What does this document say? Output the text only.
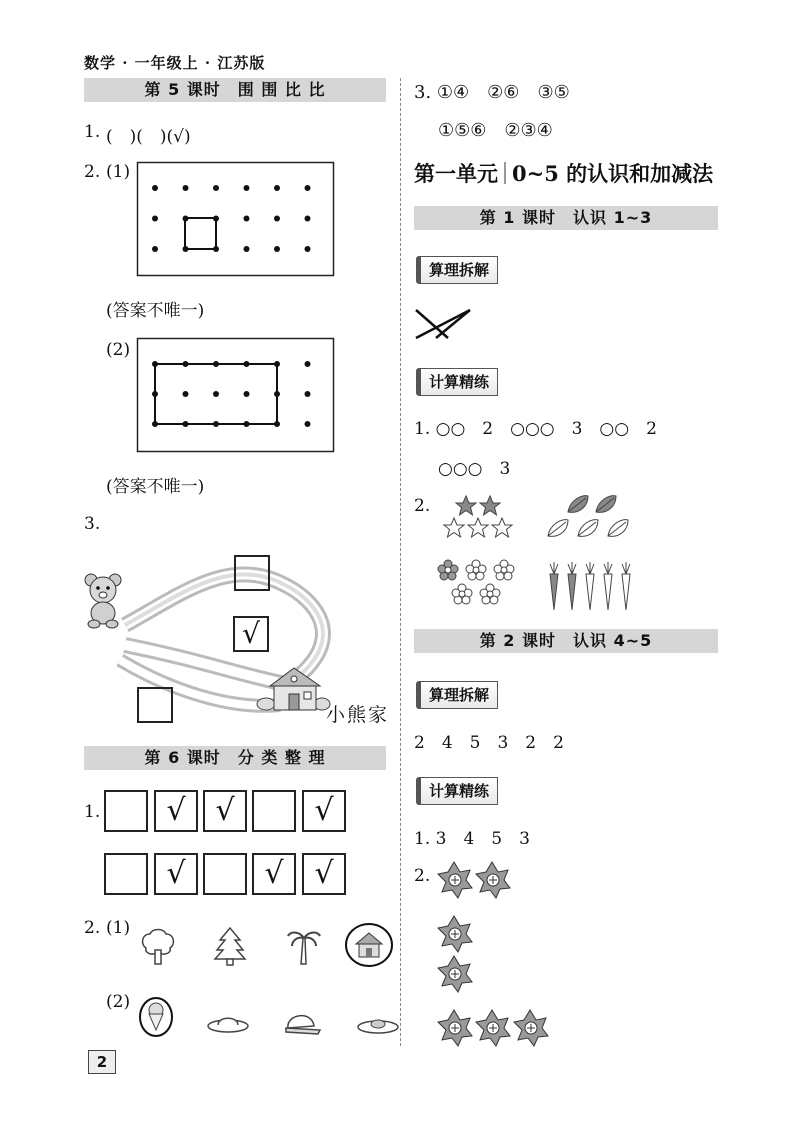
数学 · 一年级上 · 江苏版
第 5 课时　围 围 比 比
1. (　)(　)(√)
2. (1)
(答案不唯一)
(2)
(答案不唯一)
3.
√
小熊家
第 6 课时　分 类 整 理
1.	√ √	√
√	√	√
2. (1)
(2)
2
3. ①④　②⑥　③⑤
①⑤⑥　②③④
第一单元 0~5 的认识和加减法
第 1 课时　认识 1~3
算理拆解
计算精练
1. ○○　2　○○○　3　○○　2
○○○　3
2.
第 2 课时　认识 4~5
算理拆解
2　4　5　3　2　2
计算精练
1. 3　4　5　3
2.
